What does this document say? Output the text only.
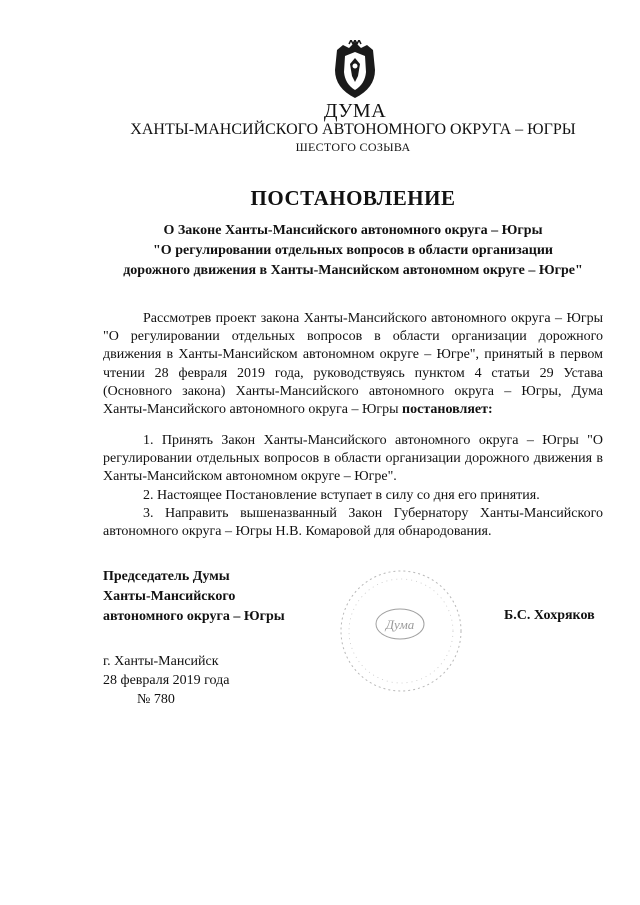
ДУМА
ХАНТЫ-МАНСИЙСКОГО АВТОНОМНОГО ОКРУГА – ЮГРЫ
ШЕСТОГО СОЗЫВА
ПОСТАНОВЛЕНИЕ
О Законе Ханты-Мансийского автономного округа – Югры
"О регулировании отдельных вопросов в области организации
дорожного движения в Ханты-Мансийском автономном округе – Югре"

Рассмотрев проект закона Ханты-Мансийского автономного округа – Югры "О регулировании отдельных вопросов в области организации дорожного движения в Ханты-Мансийском автономном округе – Югре", принятый в первом чтении 28 февраля 2019 года, руководствуясь пунктом 4 статьи 29 Устава (Основного закона) Ханты-Мансийского автономного округа – Югры, Дума Ханты-Мансийского автономного округа – Югры постановляет:

1. Принять Закон Ханты-Мансийского автономного округа – Югры "О регулировании отдельных вопросов в области организации дорожного движения в Ханты-Мансийском автономном округе – Югре".

2. Настоящее Постановление вступает в силу со дня его принятия.

3. Направить вышеназванный Закон Губернатору Ханты-Мансийского автономного округа – Югры Н.В. Комаровой для обнародования.

Председатель Думы
Ханты-Мансийского
автономного округа – Югры
Дума
Б.С. Хохряков
г. Ханты-Мансийск
28 февраля 2019 года
№ 780
